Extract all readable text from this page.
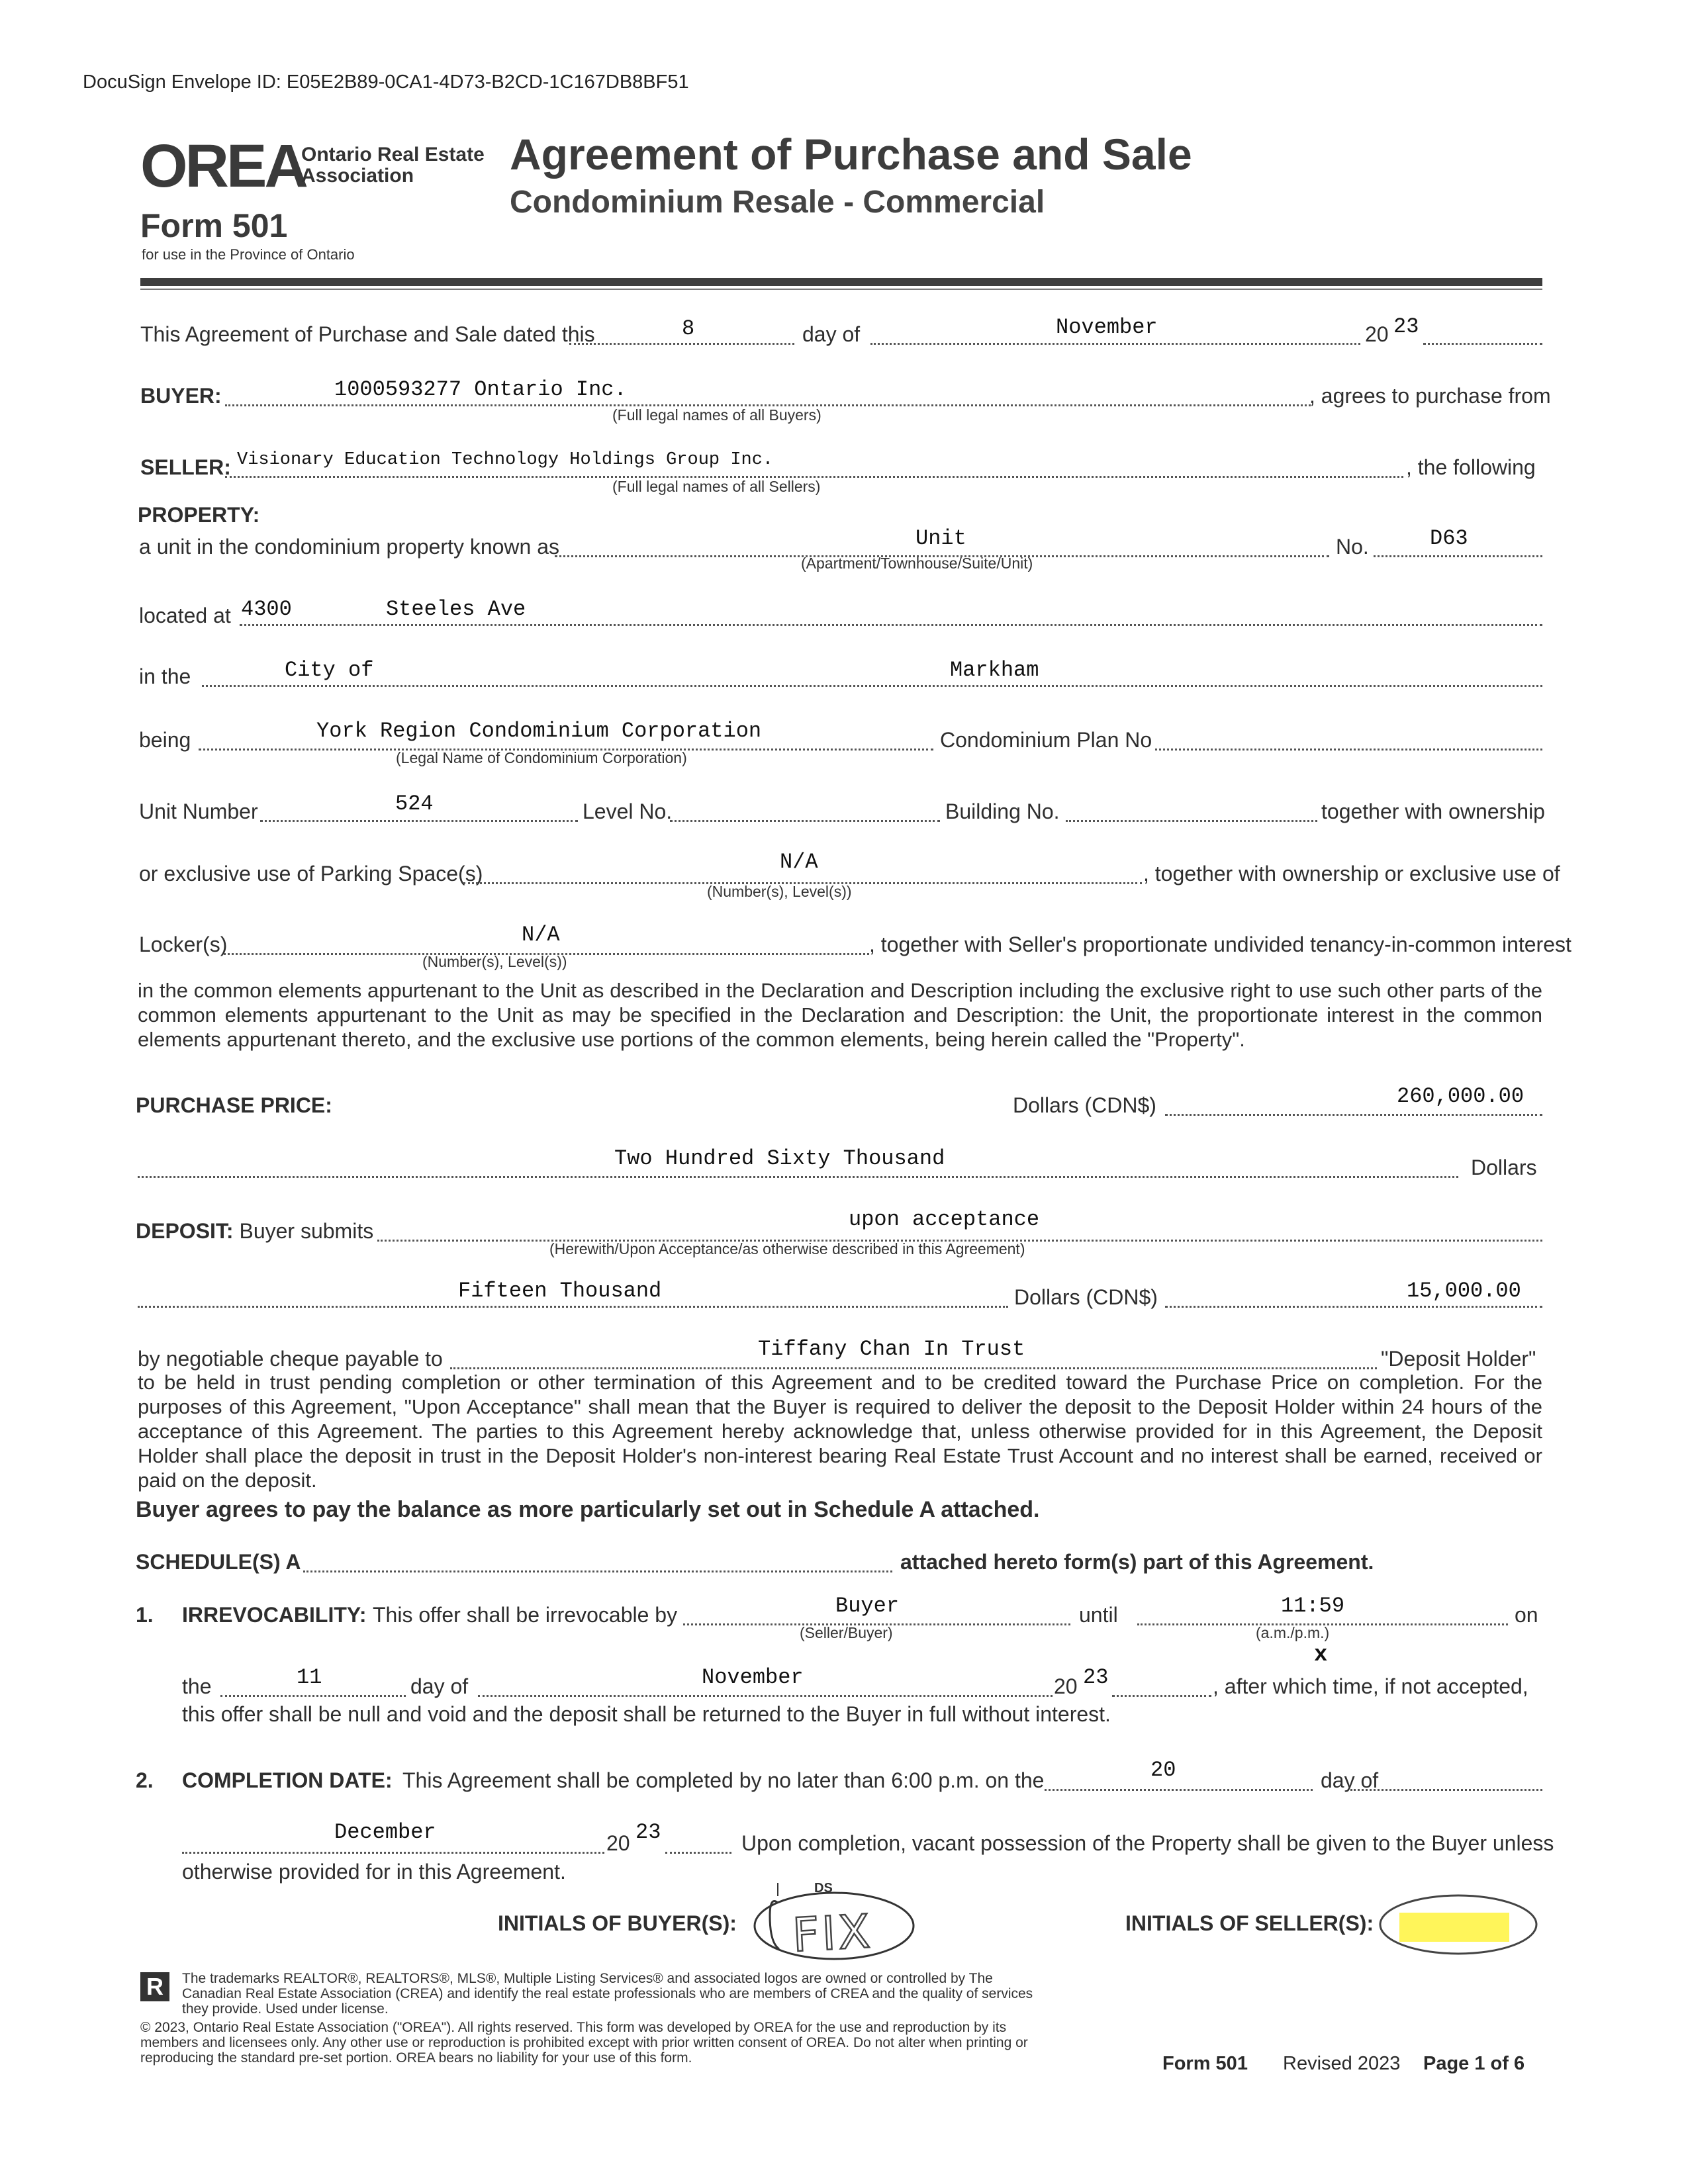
DocuSign Envelope ID: E05E2B89-0CA1-4D73-B2CD-1C167DB8BF51
OREA
Ontario Real Estate
Association
Form 501
for use in the Province of Ontario
Agreement of Purchase and Sale
Condominium Resale - Commercial
This Agreement of Purchase and Sale dated this	8	day of	November	20 23
BUYER:	1000593277 Ontario Inc.
(Full legal names of all Buyers)
, agrees to purchase from
SELLER: Visionary Education Technology Holdings Group Inc.
(Full legal names of all Sellers)
, the following
PROPERTY:
a unit in the condominium property known as	Unit
(Apartment/Townhouse/Suite/Unit)
No.	D63
located at 4300	Steeles Ave
in the	City of	Markham
being	York Region Condominium Corporation
(Legal Name of Condominium Corporation)
Condominium Plan No
Unit Number	524	Level No.	Building No.	together with ownership
or exclusive use of Parking Space(s)	N/A
(Number(s), Level(s))
, together with ownership or exclusive use of
Locker(s)	N/A
(Number(s), Level(s))
, together with Seller's proportionate undivided tenancy-in-common interest
in the common elements appurtenant to the Unit as described in the Declaration and Description including the exclusive right to use such other parts of the common elements appurtenant to the Unit as may be specified in the Declaration and Description: the Unit, the proportionate interest in the common elements appurtenant thereto, and the exclusive use portions of the common elements, being herein called the "Property".
PURCHASE PRICE:	Dollars (CDN$)	260,000.00
Two Hundred Sixty Thousand	Dollars
DEPOSIT: Buyer submits	upon acceptance
(Herewith/Upon Acceptance/as otherwise described in this Agreement)
Fifteen Thousand	Dollars (CDN$)	15,000.00
by negotiable cheque payable to	Tiffany Chan In Trust	"Deposit Holder"
to be held in trust pending completion or other termination of this Agreement and to be credited toward the Purchase Price on completion. For the purposes of this Agreement, "Upon Acceptance" shall mean that the Buyer is required to deliver the deposit to the Deposit Holder within 24 hours of the acceptance of this Agreement. The parties to this Agreement hereby acknowledge that, unless otherwise provided for in this Agreement, the Deposit Holder shall place the deposit in trust in the Deposit Holder's non-interest bearing Real Estate Trust Account and no interest shall be earned, received or paid on the deposit.
Buyer agrees to pay the balance as more particularly set out in Schedule A attached.
SCHEDULE(S) A	attached hereto form(s) part of this Agreement.
1. IRREVOCABILITY: This offer shall be irrevocable by	Buyer
(Seller/Buyer)
until	11:59
(a.m./p.m.)
x
on
the	11	day of	November	20 23	, after which time, if not accepted,
this offer shall be null and void and the deposit shall be returned to the Buyer in full without interest.
2. COMPLETION DATE: This Agreement shall be completed by no later than 6:00 p.m. on the	20	day of
December	20 23	Upon completion, vacant possession of the Property shall be given to the Buyer unless
otherwise provided for in this Agreement.
INITIALS OF BUYER(S):
DS
FIX	INITIALS OF SELLER(S):
R	The trademarks REALTOR®, REALTORS®, MLS®, Multiple Listing Services® and associated logos are owned or controlled by The Canadian Real Estate Association (CREA) and identify the real estate professionals who are members of CREA and the quality of services they provide. Used under license.
© 2023, Ontario Real Estate Association ("OREA"). All rights reserved. This form was developed by OREA for the use and reproduction by its members and licensees only. Any other use or reproduction is prohibited except with prior written consent of OREA. Do not alter when printing or reproducing the standard pre-set portion. OREA bears no liability for your use of this form.	Form 501 Revised 2023 Page 1 of 6
